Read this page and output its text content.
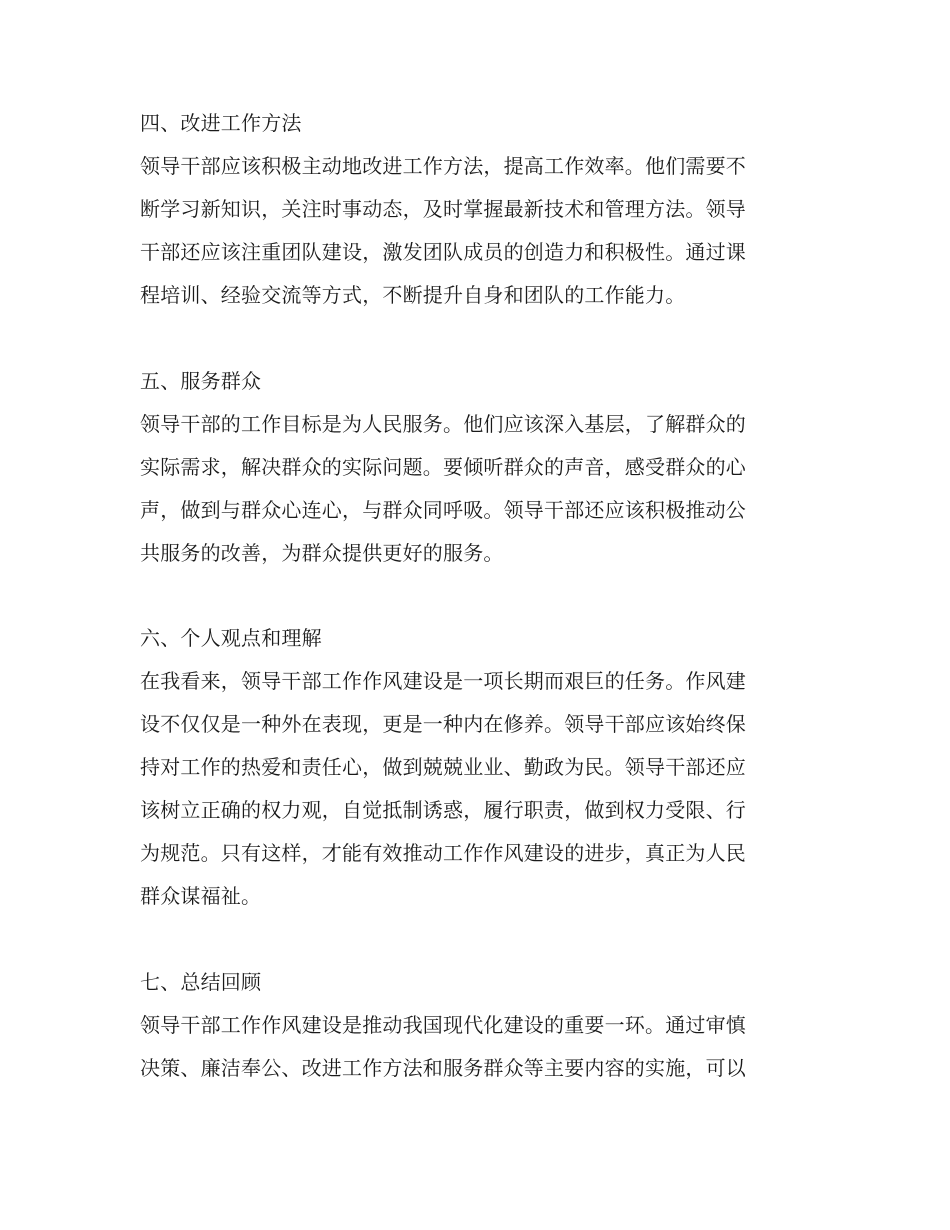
四、改进工作方法
领导干部应该积极主动地改进工作方法，提高工作效率。他们需要不
断学习新知识，关注时事动态，及时掌握最新技术和管理方法。领导
干部还应该注重团队建设，激发团队成员的创造力和积极性。通过课
程培训、经验交流等方式，不断提升自身和团队的工作能力。
五、服务群众
领导干部的工作目标是为人民服务。他们应该深入基层，了解群众的
实际需求，解决群众的实际问题。要倾听群众的声音，感受群众的心
声，做到与群众心连心，与群众同呼吸。领导干部还应该积极推动公
共服务的改善，为群众提供更好的服务。
六、个人观点和理解
在我看来，领导干部工作作风建设是一项长期而艰巨的任务。作风建
设不仅仅是一种外在表现，更是一种内在修养。领导干部应该始终保
持对工作的热爱和责任心，做到兢兢业业、勤政为民。领导干部还应
该树立正确的权力观，自觉抵制诱惑，履行职责，做到权力受限、行
为规范。只有这样，才能有效推动工作作风建设的进步，真正为人民
群众谋福祉。
七、总结回顾
领导干部工作作风建设是推动我国现代化建设的重要一环。通过审慎
决策、廉洁奉公、改进工作方法和服务群众等主要内容的实施，可以
